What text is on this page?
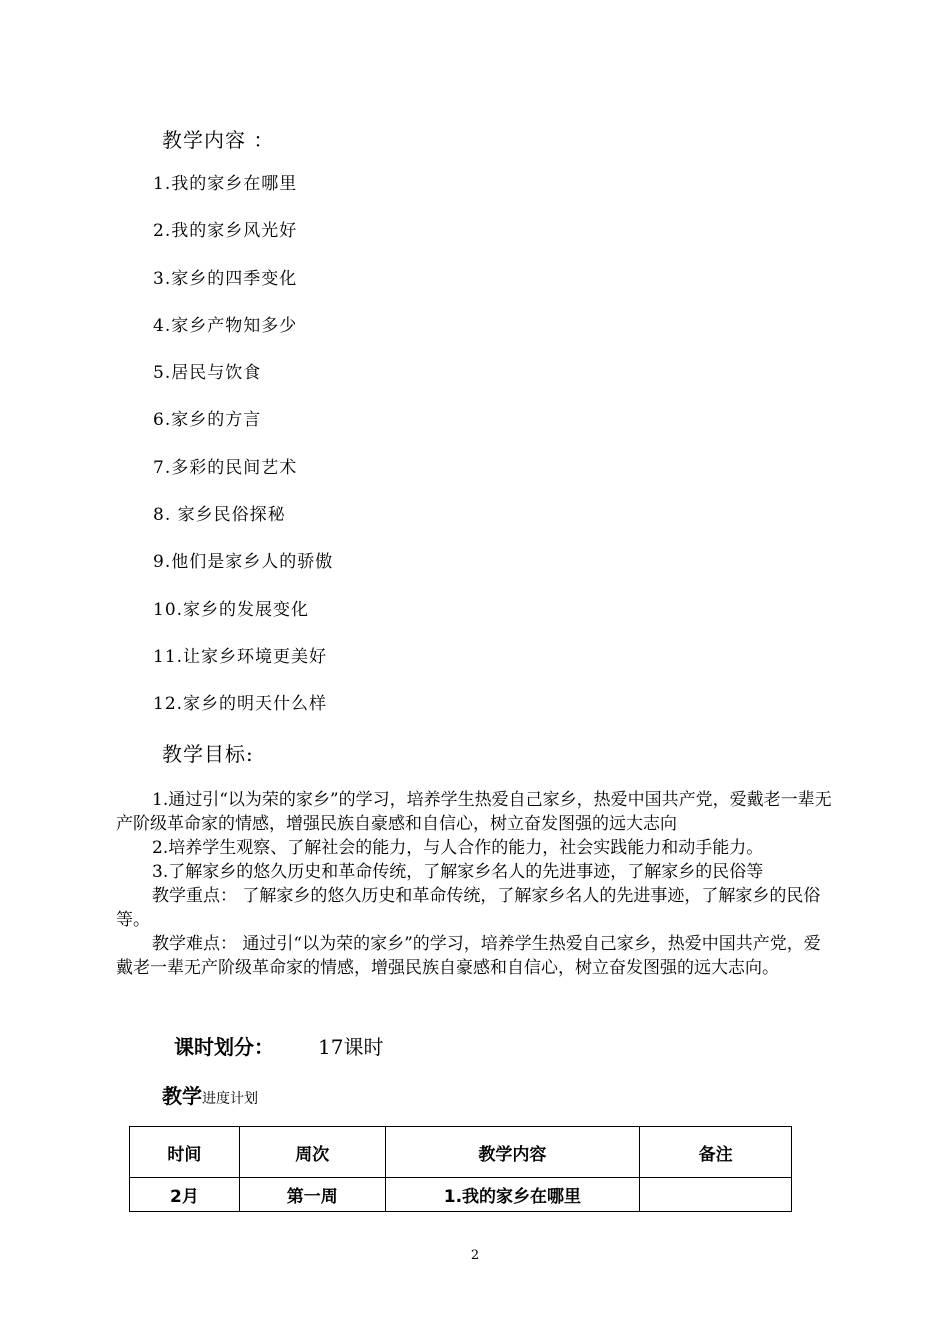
教学内容 ：
1.我的家乡在哪里
2.我的家乡风光好
3.家乡的四季变化
4.家乡产物知多少
5.居民与饮食
6.家乡的方言
7.多彩的民间艺术
8. 家乡民俗探秘
9.他们是家乡人的骄傲
10.家乡的发展变化
11.让家乡环境更美好
12.家乡的明天什么样
教学目标:

1.通过引“以为荣的家乡”的学习，培养学生热爱自己家乡，热爱中国共产党，爱戴老一辈无产阶级革命家的情感，增强民族自豪感和自信心，树立奋发图强的远大志向

2.培养学生观察、了解社会的能力，与人合作的能力，社会实践能力和动手能力。

3.了解家乡的悠久历史和革命传统，了解家乡名人的先进事迹，了解家乡的民俗等

教学重点： 了解家乡的悠久历史和革命传统，了解家乡名人的先进事迹，了解家乡的民俗等。

教学难点： 通过引“以为荣的家乡”的学习，培养学生热爱自己家乡，热爱中国共产党，爱戴老一辈无产阶级革命家的情感，增强民族自豪感和自信心，树立奋发图强的远大志向。

课时划分： 17课时
教学进度计划
时间	周次	教学内容	备注
2月	第一周	1.我的家乡在哪里	
2
